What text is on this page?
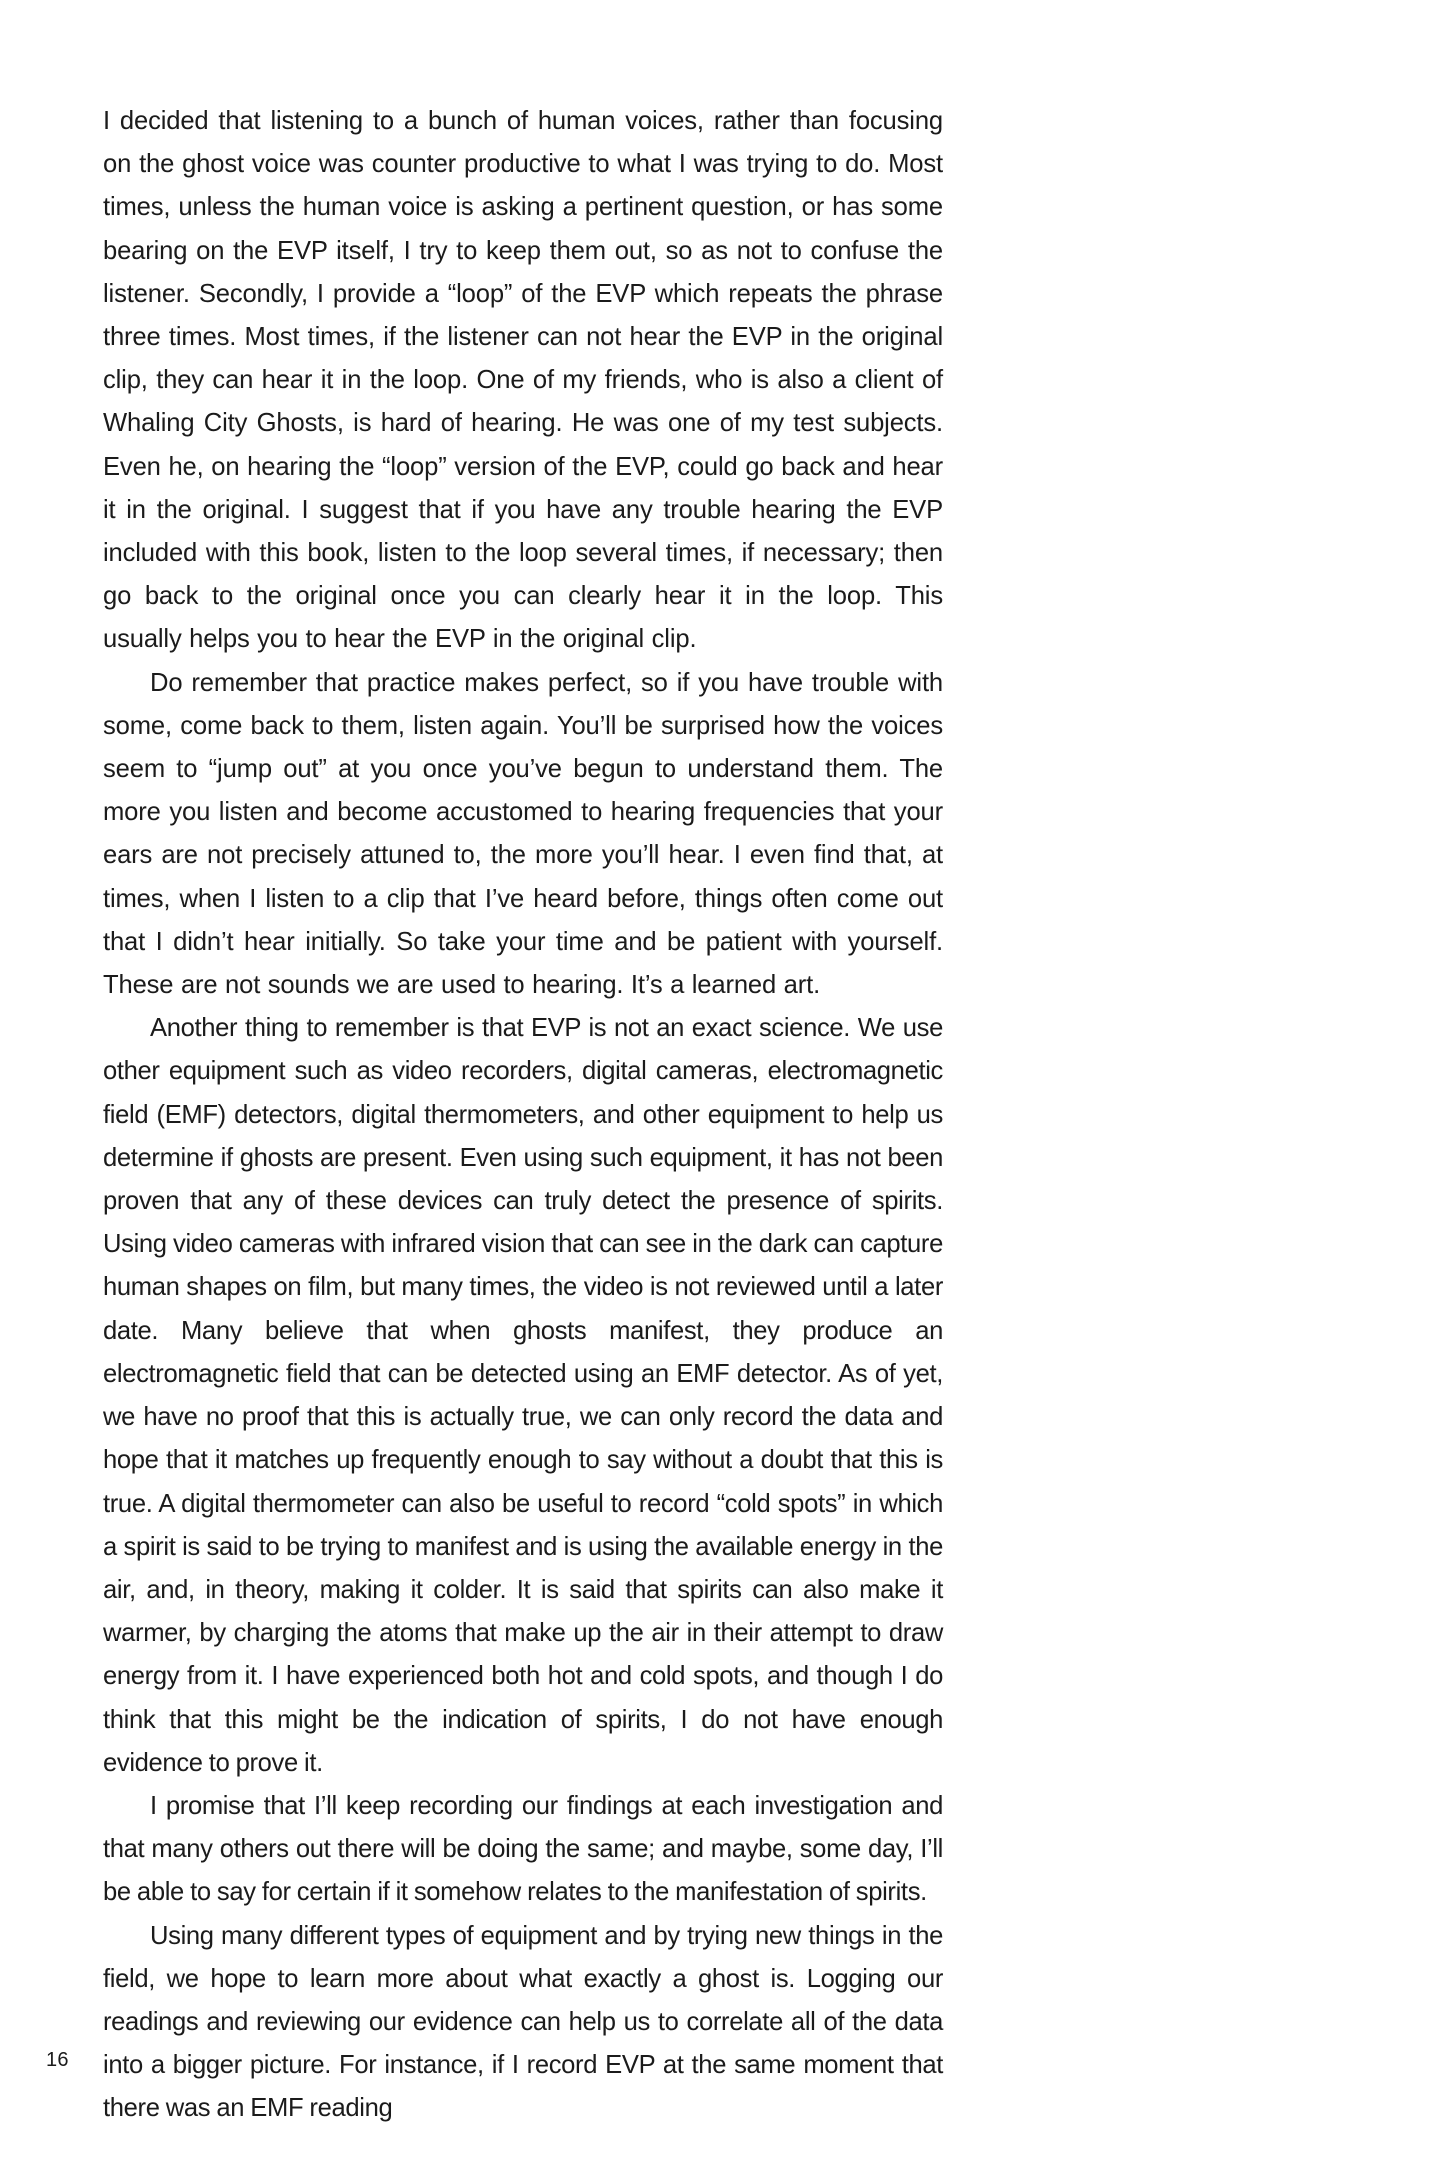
I decided that listening to a bunch of human voices, rather than focusing on the ghost voice was counter productive to what I was trying to do. Most times, unless the human voice is asking a pertinent question, or has some bearing on the EVP itself, I try to keep them out, so as not to confuse the listener. Secondly, I provide a “loop” of the EVP which repeats the phrase three times. Most times, if the listener can not hear the EVP in the original clip, they can hear it in the loop. One of my friends, who is also a client of Whaling City Ghosts, is hard of hearing. He was one of my test subjects. Even he, on hearing the “loop” version of the EVP, could go back and hear it in the original. I suggest that if you have any trouble hearing the EVP included with this book, listen to the loop several times, if necessary; then go back to the original once you can clearly hear it in the loop. This usually helps you to hear the EVP in the original clip.

Do remember that practice makes perfect, so if you have trouble with some, come back to them, listen again. You’ll be surprised how the voices seem to “jump out” at you once you’ve begun to understand them. The more you listen and become accustomed to hearing frequencies that your ears are not precisely attuned to, the more you’ll hear. I even find that, at times, when I listen to a clip that I’ve heard before, things often come out that I didn’t hear initially. So take your time and be patient with yourself. These are not sounds we are used to hearing. It’s a learned art.

Another thing to remember is that EVP is not an exact science. We use other equipment such as video recorders, digital cameras, electromagnetic field (EMF) detectors, digital thermometers, and other equipment to help us determine if ghosts are present. Even using such equipment, it has not been proven that any of these devices can truly detect the presence of spirits. Using video cameras with infrared vision that can see in the dark can capture human shapes on film, but many times, the video is not reviewed until a later date. Many believe that when ghosts manifest, they produce an electromagnetic field that can be detected using an EMF detector. As of yet, we have no proof that this is actually true, we can only record the data and hope that it matches up frequently enough to say without a doubt that this is true. A digital thermometer can also be useful to record “cold spots” in which a spirit is said to be trying to manifest and is using the available energy in the air, and, in theory, making it colder. It is said that spirits can also make it warmer, by charging the atoms that make up the air in their attempt to draw energy from it. I have experienced both hot and cold spots, and though I do think that this might be the indication of spirits, I do not have enough evidence to prove it.

I promise that I’ll keep recording our findings at each investigation and that many others out there will be doing the same; and maybe, some day, I’ll be able to say for certain if it somehow relates to the manifestation of spirits.

Using many different types of equipment and by trying new things in the field, we hope to learn more about what exactly a ghost is. Logging our readings and reviewing our evidence can help us to correlate all of the data into a bigger picture. For instance, if I record EVP at the same moment that there was an EMF reading

16
